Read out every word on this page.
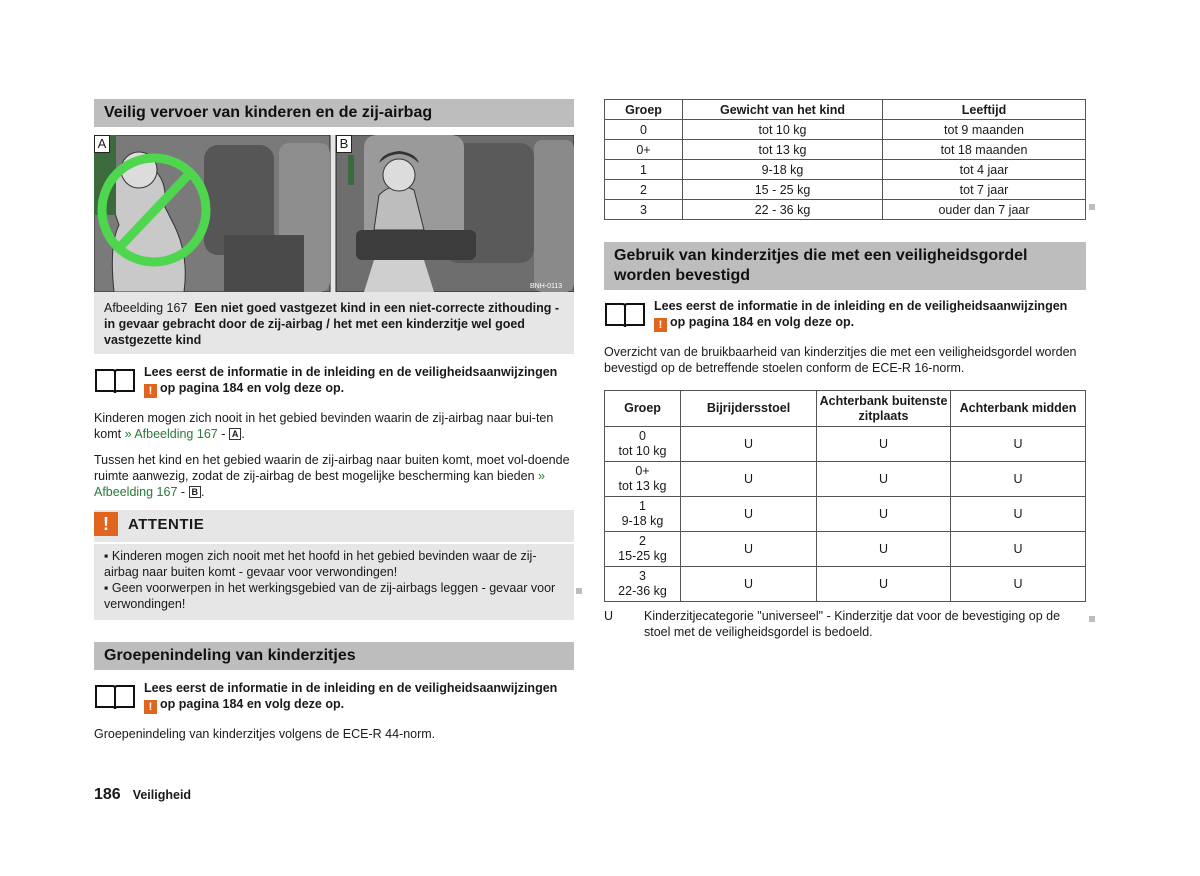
Veilig vervoer van kinderen en de zij-airbag
BNH-0113
A	B
Afbeelding 167 Een niet goed vastgezet kind in een niet-correcte zithouding - in gevaar gebracht door de zij-airbag / het met een kinderzitje wel goed vastgezette kind
Lees eerst de informatie in de inleiding en de veiligheidsaanwijzingen
! op pagina 184 en volg deze op.
Kinderen mogen zich nooit in het gebied bevinden waarin de zij-airbag naar bui-ten komt » Afbeelding 167 - A .
Tussen het kind en het gebied waarin de zij-airbag naar buiten komt, moet vol-doende ruimte aanwezig, zodat de zij-airbag de best mogelijke bescherming kan bieden » Afbeelding 167 - B .
!	ATTENTIE
▪ Kinderen mogen zich nooit met het hoofd in het gebied bevinden waar de zij-airbag naar buiten komt - gevaar voor verwondingen!
▪ Geen voorwerpen in het werkingsgebied van de zij-airbags leggen - gevaar voor verwondingen!
Groepenindeling van kinderzitjes
Lees eerst de informatie in de inleiding en de veiligheidsaanwijzingen
! op pagina 184 en volg deze op.
Groepenindeling van kinderzitjes volgens de ECE-R 44-norm.
Groep	Gewicht van het kind	Leeftijd
0	tot 10 kg	tot 9 maanden
0+	tot 13 kg	tot 18 maanden
1	9-18 kg	tot 4 jaar
2	15 - 25 kg	tot 7 jaar
3	22 - 36 kg	ouder dan 7 jaar
Gebruik van kinderzitjes die met een veiligheidsgordel worden bevestigd
Lees eerst de informatie in de inleiding en de veiligheidsaanwijzingen
! op pagina 184 en volg deze op.
Overzicht van de bruikbaarheid van kinderzitjes die met een veiligheidsgordel worden bevestigd op de betreffende stoelen conform de ECE-R 16-norm.
Groep	Bijrijdersstoel	Achterbank buitenste zitplaats	Achterbank midden

0
tot 10 kg	U	U	U

0+
tot 13 kg	U	U	U

1
9-18 kg	U	U	U

2
15-25 kg	U	U	U

3
22-36 kg	U	U	U
U	Kinderzitjecategorie "universeel" - Kinderzitje dat voor de bevestiging op de stoel met de veiligheidsgordel is bedoeld.
186 Veiligheid
